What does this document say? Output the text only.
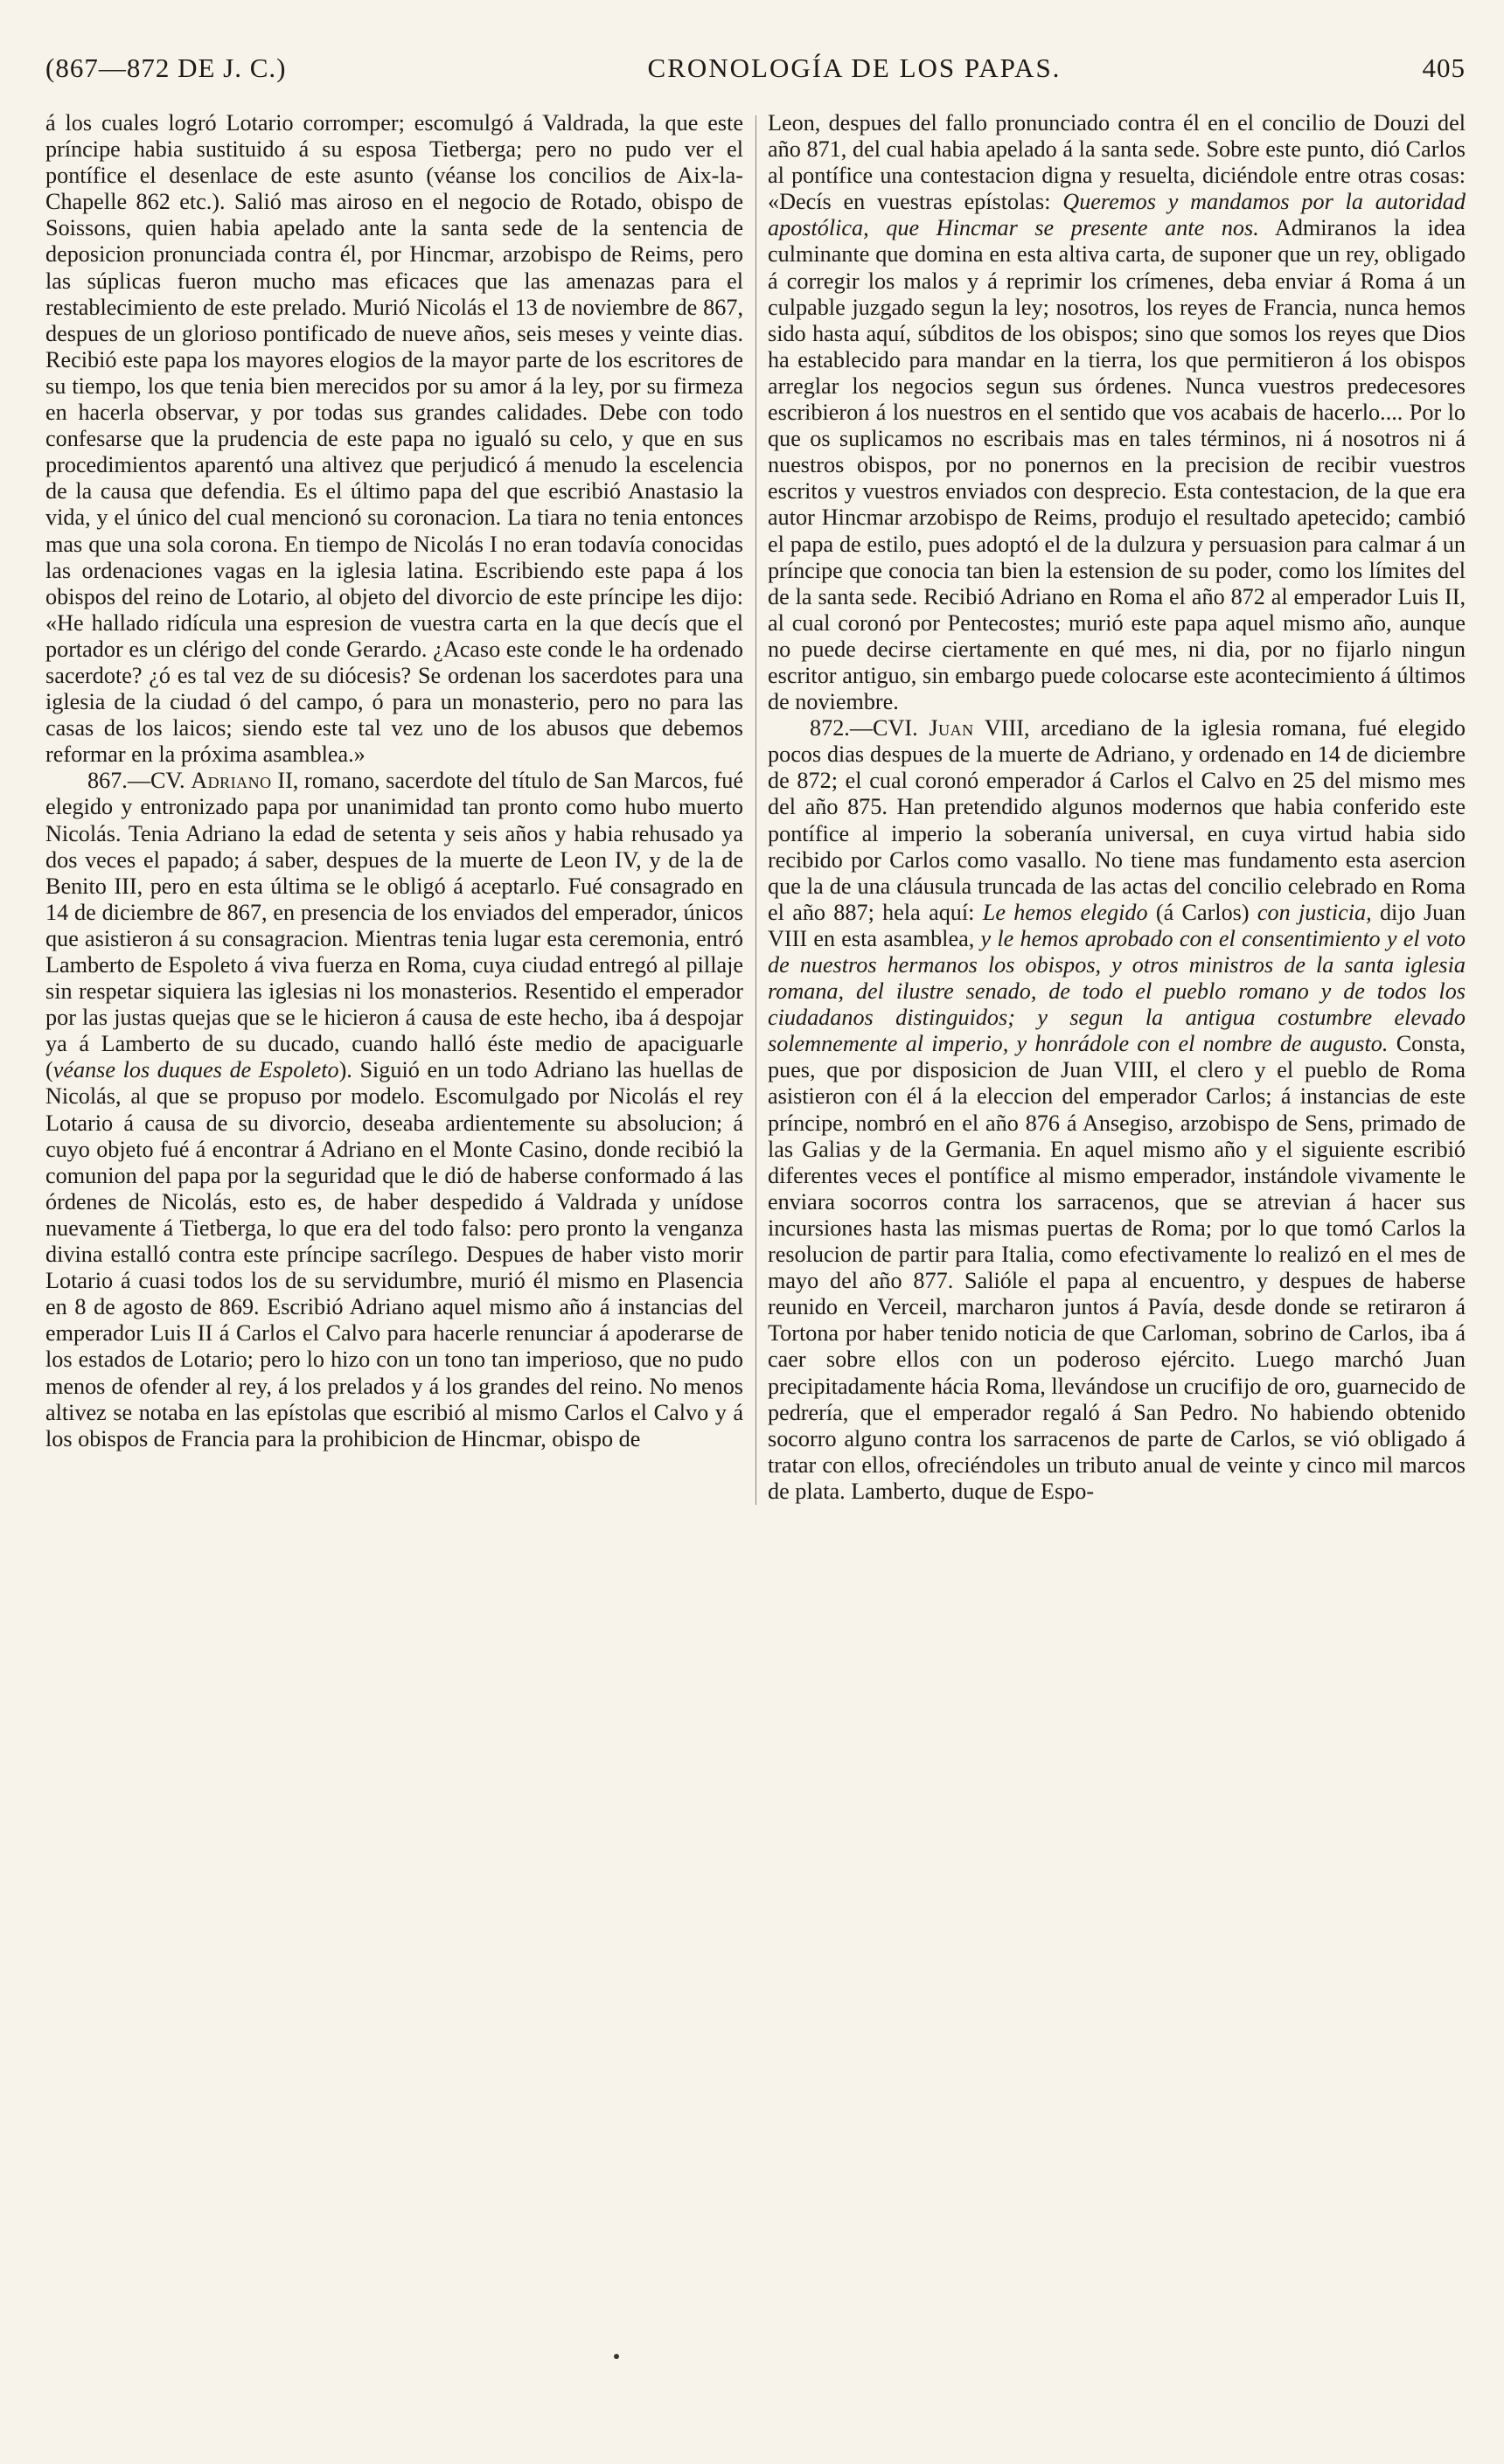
(867—872 DE J. C.)	CRONOLOGÍA DE LOS PAPAS.	405

á los cuales logró Lotario corromper; escomulgó á Valdrada, la que este príncipe habia sustituido á su esposa Tietberga; pero no pudo ver el pontífice el desenlace de este asunto (véanse los concilios de Aix-la-Chapelle 862 etc.). Salió mas airoso en el negocio de Rotado, obispo de Soissons, quien habia apelado ante la santa sede de la sentencia de deposicion pronunciada contra él, por Hincmar, arzobispo de Reims, pero las súplicas fueron mucho mas eficaces que las amenazas para el restablecimiento de este prelado. Murió Nicolás el 13 de noviembre de 867, despues de un glorioso pontificado de nueve años, seis meses y veinte dias. Recibió este papa los mayores elogios de la mayor parte de los escritores de su tiempo, los que tenia bien merecidos por su amor á la ley, por su firmeza en hacerla observar, y por todas sus grandes calidades. Debe con todo confesarse que la prudencia de este papa no igualó su celo, y que en sus procedimientos aparentó una altivez que perjudicó á menudo la escelencia de la causa que defendia. Es el último papa del que escribió Anastasio la vida, y el único del cual mencionó su coronacion. La tiara no tenia entonces mas que una sola corona. En tiempo de Nicolás I no eran todavía conocidas las ordenaciones vagas en la iglesia latina. Escribiendo este papa á los obispos del reino de Lotario, al objeto del divorcio de este príncipe les dijo: «He hallado ridícula una espresion de vuestra carta en la que decís que el portador es un clérigo del conde Gerardo. ¿Acaso este conde le ha ordenado sacerdote? ¿ó es tal vez de su diócesis? Se ordenan los sacerdotes para una iglesia de la ciudad ó del campo, ó para un monasterio, pero no para las casas de los laicos; siendo este tal vez uno de los abusos que debemos reformar en la próxima asamblea.»

867.—CV. Adriano II, romano, sacerdote del título de San Marcos, fué elegido y entronizado papa por unanimidad tan pronto como hubo muerto Nicolás. Tenia Adriano la edad de setenta y seis años y habia rehusado ya dos veces el papado; á saber, despues de la muerte de Leon IV, y de la de Benito III, pero en esta última se le obligó á aceptarlo. Fué consagrado en 14 de diciembre de 867, en presencia de los enviados del emperador, únicos que asistieron á su consagracion. Mientras tenia lugar esta ceremonia, entró Lamberto de Espoleto á viva fuerza en Roma, cuya ciudad entregó al pillaje sin respetar siquiera las iglesias ni los monasterios. Resentido el emperador por las justas quejas que se le hicieron á causa de este hecho, iba á despojar ya á Lamberto de su ducado, cuando halló éste medio de apaciguarle (véanse los duques de Espoleto). Siguió en un todo Adriano las huellas de Nicolás, al que se propuso por modelo. Escomulgado por Nicolás el rey Lotario á causa de su divorcio, deseaba ardientemente su absolucion; á cuyo objeto fué á encontrar á Adriano en el Monte Casino, donde recibió la comunion del papa por la seguridad que le dió de haberse conformado á las órdenes de Nicolás, esto es, de haber despedido á Valdrada y unídose nuevamente á Tietberga, lo que era del todo falso: pero pronto la venganza divina estalló contra este príncipe sacrílego. Despues de haber visto morir Lotario á cuasi todos los de su servidumbre, murió él mismo en Plasencia en 8 de agosto de 869. Escribió Adriano aquel mismo año á instancias del emperador Luis II á Carlos el Calvo para hacerle renunciar á apoderarse de los estados de Lotario; pero lo hizo con un tono tan imperioso, que no pudo menos de ofender al rey, á los prelados y á los grandes del reino. No menos altivez se notaba en las epístolas que escribió al mismo Carlos el Calvo y á los obispos de Francia para la prohibicion de Hincmar, obispo de

Leon, despues del fallo pronunciado contra él en el concilio de Douzi del año 871, del cual habia apelado á la santa sede. Sobre este punto, dió Carlos al pontífice una contestacion digna y resuelta, diciéndole entre otras cosas: «Decís en vuestras epístolas: Queremos y mandamos por la autoridad apostólica, que Hincmar se presente ante nos. Admiranos la idea culminante que domina en esta altiva carta, de suponer que un rey, obligado á corregir los malos y á reprimir los crímenes, deba enviar á Roma á un culpable juzgado segun la ley; nosotros, los reyes de Francia, nunca hemos sido hasta aquí, súbditos de los obispos; sino que somos los reyes que Dios ha establecido para mandar en la tierra, los que permitieron á los obispos arreglar los negocios segun sus órdenes. Nunca vuestros predecesores escribieron á los nuestros en el sentido que vos acabais de hacerlo.... Por lo que os suplicamos no escribais mas en tales términos, ni á nosotros ni á nuestros obispos, por no ponernos en la precision de recibir vuestros escritos y vuestros enviados con desprecio. Esta contestacion, de la que era autor Hincmar arzobispo de Reims, produjo el resultado apetecido; cambió el papa de estilo, pues adoptó el de la dulzura y persuasion para calmar á un príncipe que conocia tan bien la estension de su poder, como los límites del de la santa sede. Recibió Adriano en Roma el año 872 al emperador Luis II, al cual coronó por Pentecostes; murió este papa aquel mismo año, aunque no puede decirse ciertamente en qué mes, ni dia, por no fijarlo ningun escritor antiguo, sin embargo puede colocarse este acontecimiento á últimos de noviembre.

872.—CVI. Juan VIII, arcediano de la iglesia romana, fué elegido pocos dias despues de la muerte de Adriano, y ordenado en 14 de diciembre de 872; el cual coronó emperador á Carlos el Calvo en 25 del mismo mes del año 875. Han pretendido algunos modernos que habia conferido este pontífice al imperio la soberanía universal, en cuya virtud habia sido recibido por Carlos como vasallo. No tiene mas fundamento esta asercion que la de una cláusula truncada de las actas del concilio celebrado en Roma el año 887; hela aquí: Le hemos elegido (á Carlos) con justicia, dijo Juan VIII en esta asamblea, y le hemos aprobado con el consentimiento y el voto de nuestros hermanos los obispos, y otros ministros de la santa iglesia romana, del ilustre senado, de todo el pueblo romano y de todos los ciudadanos distinguidos; y segun la antigua costumbre elevado solemnemente al imperio, y honrádole con el nombre de augusto. Consta, pues, que por disposicion de Juan VIII, el clero y el pueblo de Roma asistieron con él á la eleccion del emperador Carlos; á instancias de este príncipe, nombró en el año 876 á Ansegiso, arzobispo de Sens, primado de las Galias y de la Germania. En aquel mismo año y el siguiente escribió diferentes veces el pontífice al mismo emperador, instándole vivamente le enviara socorros contra los sarracenos, que se atrevian á hacer sus incursiones hasta las mismas puertas de Roma; por lo que tomó Carlos la resolucion de partir para Italia, como efectivamente lo realizó en el mes de mayo del año 877. Salióle el papa al encuentro, y despues de haberse reunido en Verceil, marcharon juntos á Pavía, desde donde se retiraron á Tortona por haber tenido noticia de que Carloman, sobrino de Carlos, iba á caer sobre ellos con un poderoso ejército. Luego marchó Juan precipitadamente hácia Roma, llevándose un crucifijo de oro, guarnecido de pedrería, que el emperador regaló á San Pedro. No habiendo obtenido socorro alguno contra los sarracenos de parte de Carlos, se vió obligado á tratar con ellos, ofreciéndoles un tributo anual de veinte y cinco mil marcos de plata. Lamberto, duque de Espo-
